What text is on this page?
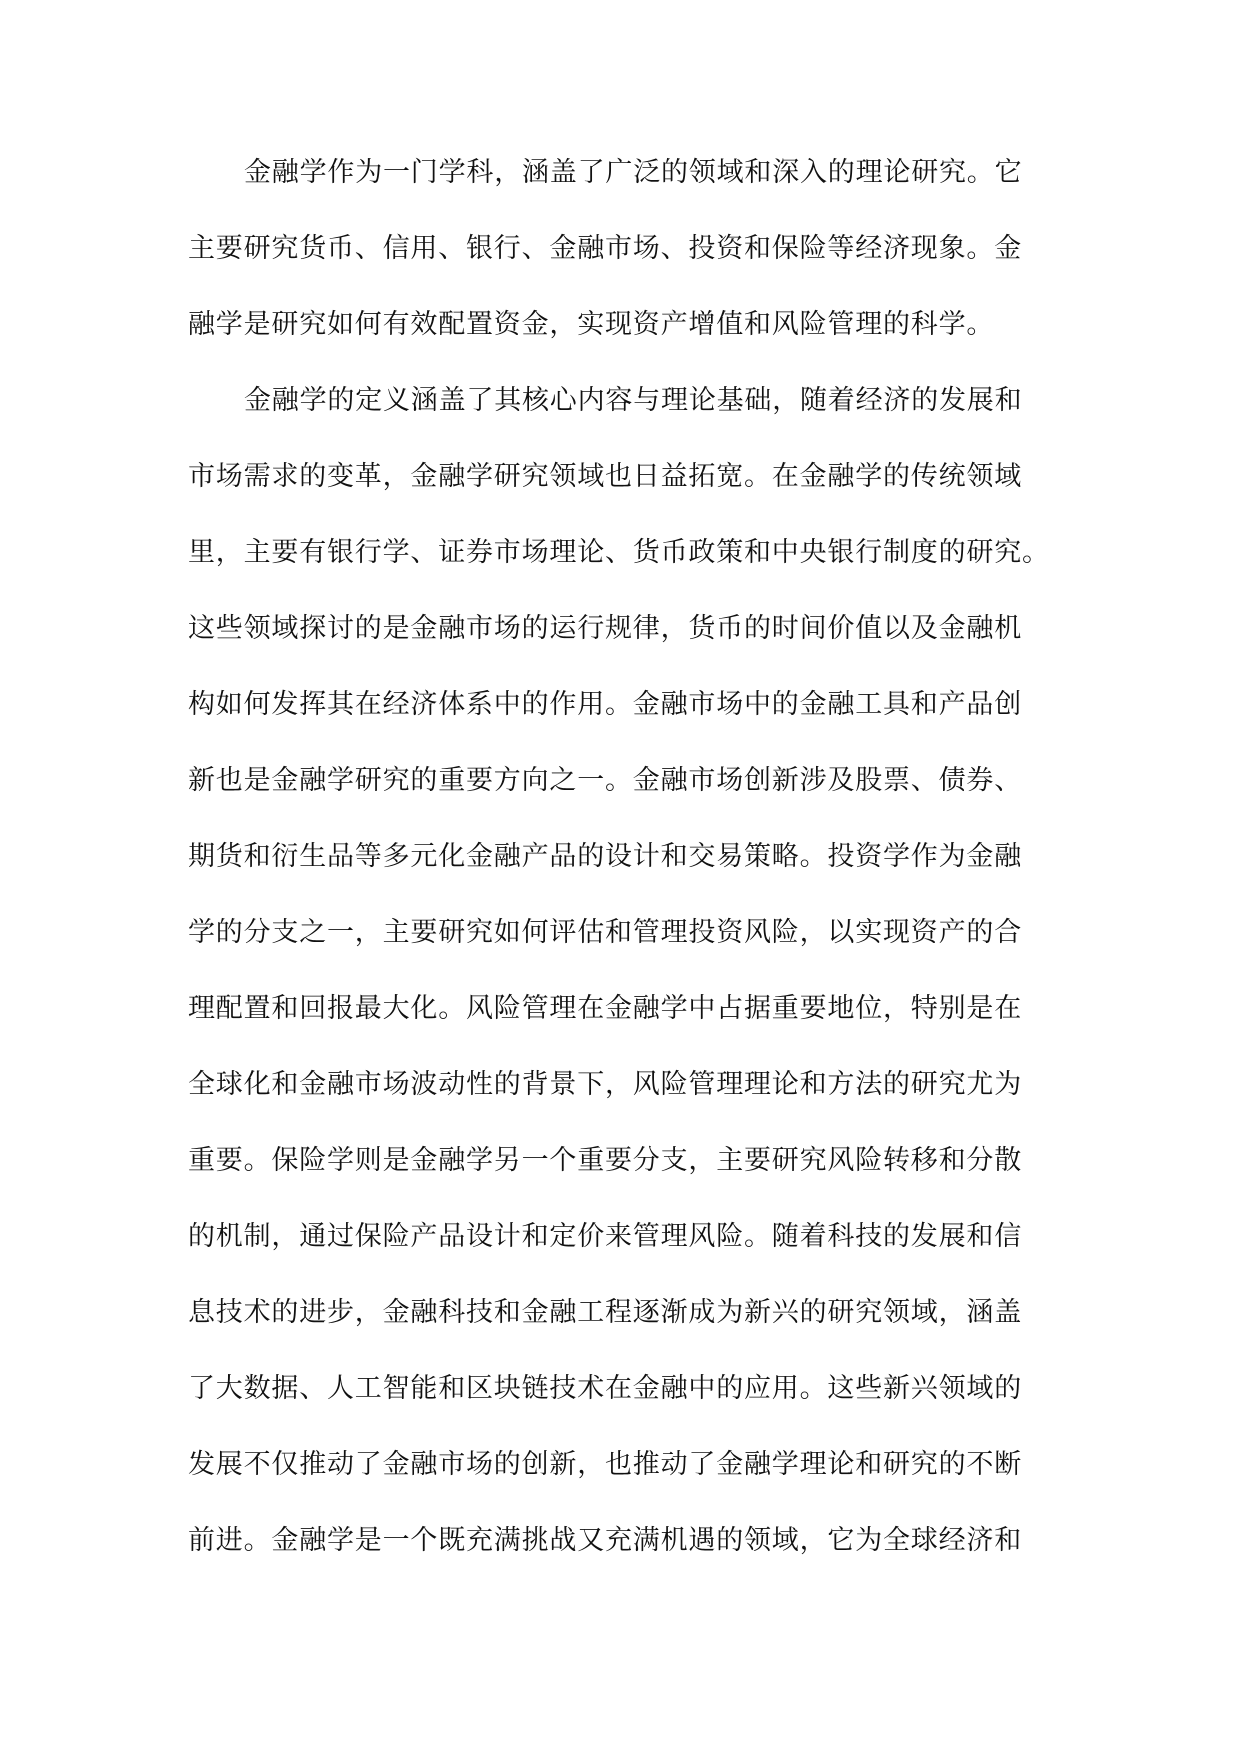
金融学作为一门学科，涵盖了广泛的领域和深入的理论研究。它
主要研究货币、信用、银行、金融市场、投资和保险等经济现象。金
融学是研究如何有效配置资金，实现资产增值和风险管理的科学。
金融学的定义涵盖了其核心内容与理论基础，随着经济的发展和
市场需求的变革，金融学研究领域也日益拓宽。在金融学的传统领域
里，主要有银行学、证券市场理论、货币政策和中央银行制度的研究。
这些领域探讨的是金融市场的运行规律，货币的时间价值以及金融机
构如何发挥其在经济体系中的作用。金融市场中的金融工具和产品创
新也是金融学研究的重要方向之一。金融市场创新涉及股票、债券、
期货和衍生品等多元化金融产品的设计和交易策略。投资学作为金融
学的分支之一，主要研究如何评估和管理投资风险，以实现资产的合
理配置和回报最大化。风险管理在金融学中占据重要地位，特别是在
全球化和金融市场波动性的背景下，风险管理理论和方法的研究尤为
重要。保险学则是金融学另一个重要分支，主要研究风险转移和分散
的机制，通过保险产品设计和定价来管理风险。随着科技的发展和信
息技术的进步，金融科技和金融工程逐渐成为新兴的研究领域，涵盖
了大数据、人工智能和区块链技术在金融中的应用。这些新兴领域的
发展不仅推动了金融市场的创新，也推动了金融学理论和研究的不断
前进。金融学是一个既充满挑战又充满机遇的领域，它为全球经济和
